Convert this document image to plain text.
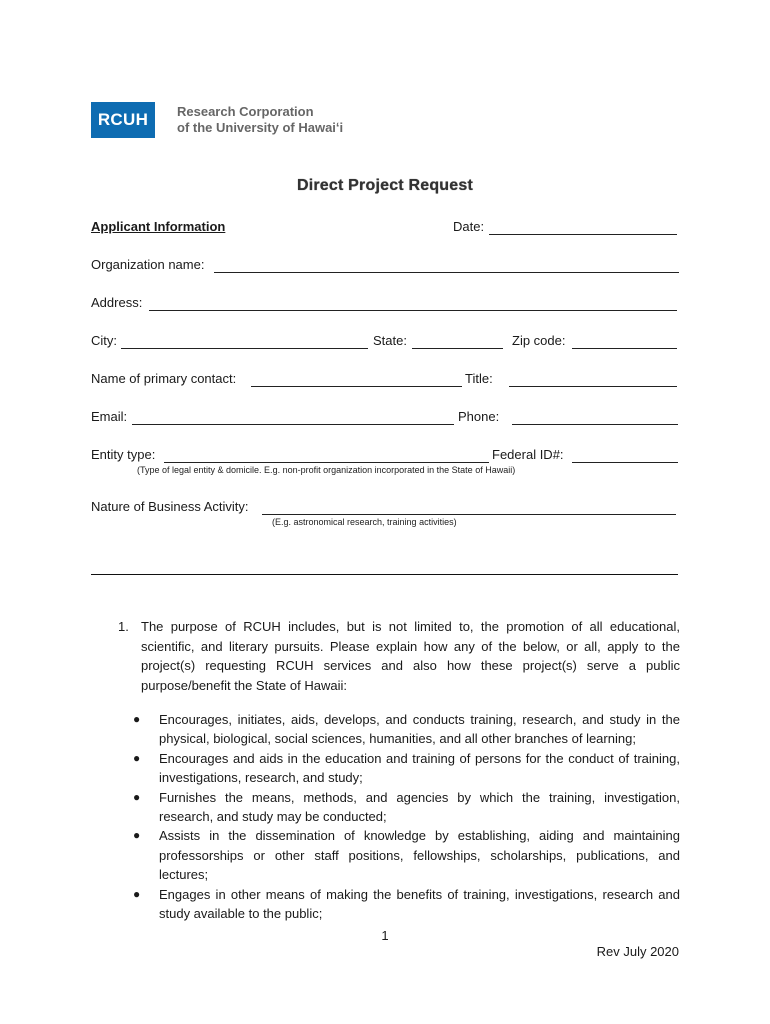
RCUH	Research Corporation
of the University of Hawaiʻi
Direct Project Request
Applicant Information	Date:
Organization name:
Address:
City:	State:	Zip code:
Name of primary contact:	Title:
Email:	Phone:
Entity type:	Federal ID#:
(Type of legal entity & domicile. E.g. non-profit organization incorporated in the State of Hawaii)
Nature of Business Activity:
(E.g. astronomical research, training activities)
1. The purpose of RCUH includes, but is not limited to, the promotion of all educational, scientific, and literary pursuits. Please explain how any of the below, or all, apply to the project(s) requesting RCUH services and also how these project(s) serve a public purpose/benefit the State of Hawaii:
● Encourages, initiates, aids, develops, and conducts training, research, and study in the physical, biological, social sciences, humanities, and all other branches of learning;
● Encourages and aids in the education and training of persons for the conduct of training, investigations, research, and study;
● Furnishes the means, methods, and agencies by which the training, investigation, research, and study may be conducted;
● Assists in the dissemination of knowledge by establishing, aiding and maintaining professorships or other staff positions, fellowships, scholarships, publications, and lectures;
● Engages in other means of making the benefits of training, investigations, research and study available to the public;
1
Rev July 2020
